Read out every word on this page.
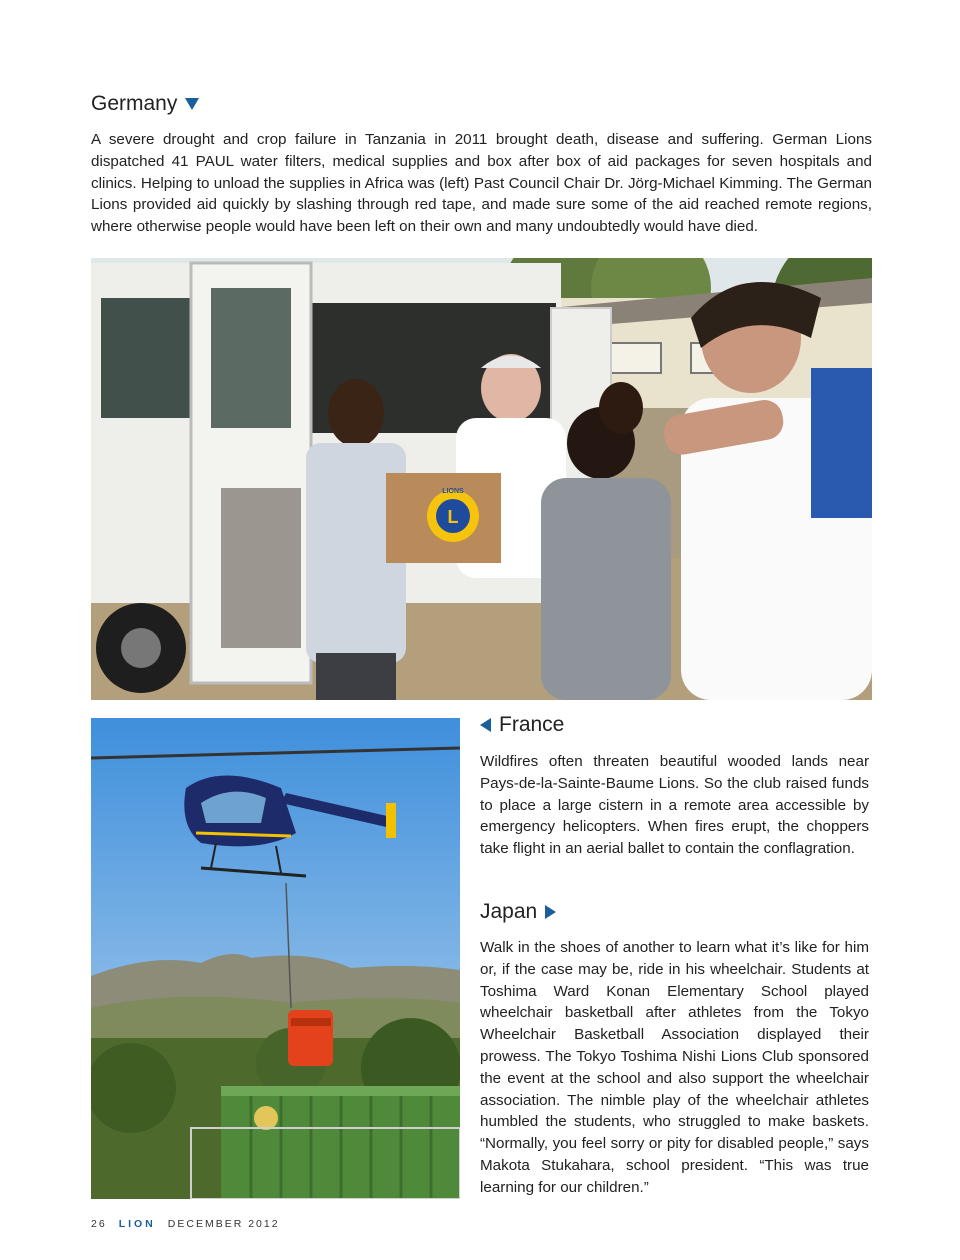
Germany

A severe drought and crop failure in Tanzania in 2011 brought death, disease and suffering. German Lions dispatched 41 PAUL water filters, medical supplies and box after box of aid packages for seven hospitals and clinics. Helping to unload the supplies in Africa was (left) Past Council Chair Dr. Jörg-Michael Kimming. The German Lions provided aid quickly by slashing through red tape, and made sure some of the aid reached remote regions, where otherwise people would have been left on their own and many undoubtedly would have died.

L
LIONS
France

Wildfires often threaten beautiful wooded lands near Pays-de-la-Sainte-Baume Lions. So the club raised funds to place a large cistern in a remote area accessible by emergency helicopters. When fires erupt, the choppers take flight in an aerial ballet to contain the conflagration.

Japan

Walk in the shoes of another to learn what it’s like for him or, if the case may be, ride in his wheelchair. Students at Toshima Ward Konan Elementary School played wheelchair basketball after athletes from the Tokyo Wheelchair Basketball Association displayed their prowess. The Tokyo Toshima Nishi Lions Club sponsored the event at the school and also support the wheelchair association. The nimble play of the wheelchair athletes humbled the students, who struggled to make baskets. “Normally, you feel sorry or pity for disabled people,” says Makota Stukahara, school president. “This was true learning for our children.”

26 LION DECEMBER 2012
